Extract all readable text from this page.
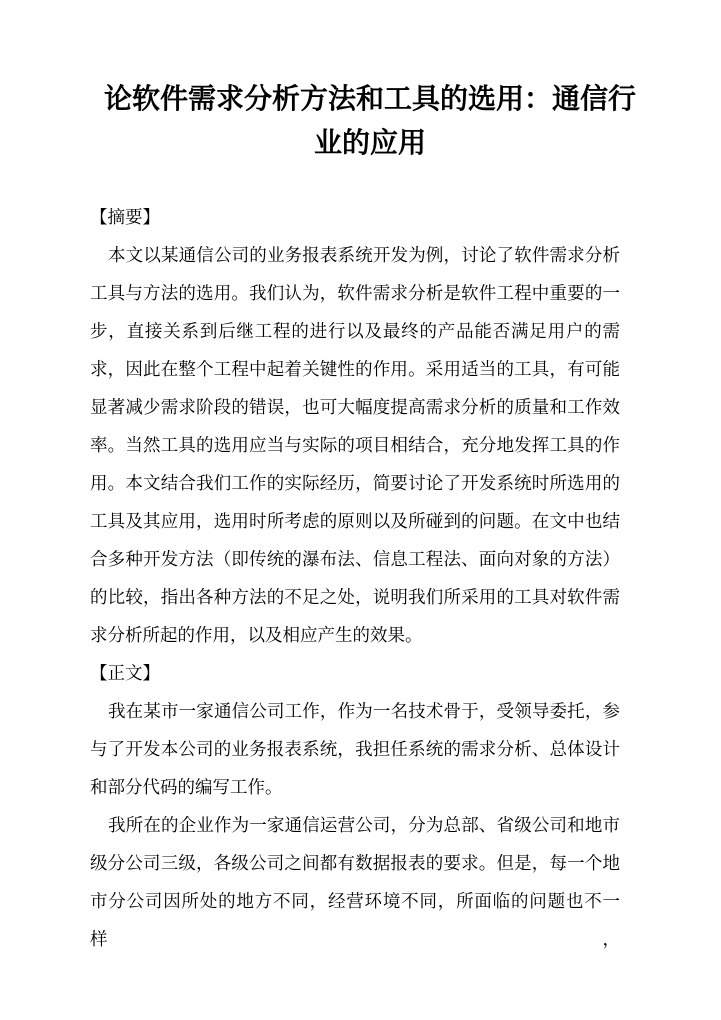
论软件需求分析方法和工具的选用：通信行
业的应用
【摘要】
本文以某通信公司的业务报表系统开发为例，讨论了软件需求分析
工具与方法的选用。我们认为，软件需求分析是软件工程中重要的一
步，直接关系到后继工程的进行以及最终的产品能否满足用户的需
求，因此在整个工程中起着关键性的作用。采用适当的工具，有可能
显著减少需求阶段的错误，也可大幅度提高需求分析的质量和工作效
率。当然工具的选用应当与实际的项目相结合，充分地发挥工具的作
用。本文结合我们工作的实际经历，简要讨论了开发系统时所选用的
工具及其应用，选用时所考虑的原则以及所碰到的问题。在文中也结
合多种开发方法（即传统的瀑布法、信息工程法、面向对象的方法）
的比较，指出各种方法的不足之处，说明我们所采用的工具对软件需
求分析所起的作用，以及相应产生的效果。
【正文】
我在某市一家通信公司工作，作为一名技术骨于，受领导委托，参
与了开发本公司的业务报表系统，我担任系统的需求分析、总体设计
和部分代码的编写工作。
我所在的企业作为一家通信运营公司，分为总部、省级公司和地市
级分公司三级，各级公司之间都有数据报表的要求。但是，每一个地
市分公司因所处的地方不同，经营环境不同，所面临的问题也不一样，
